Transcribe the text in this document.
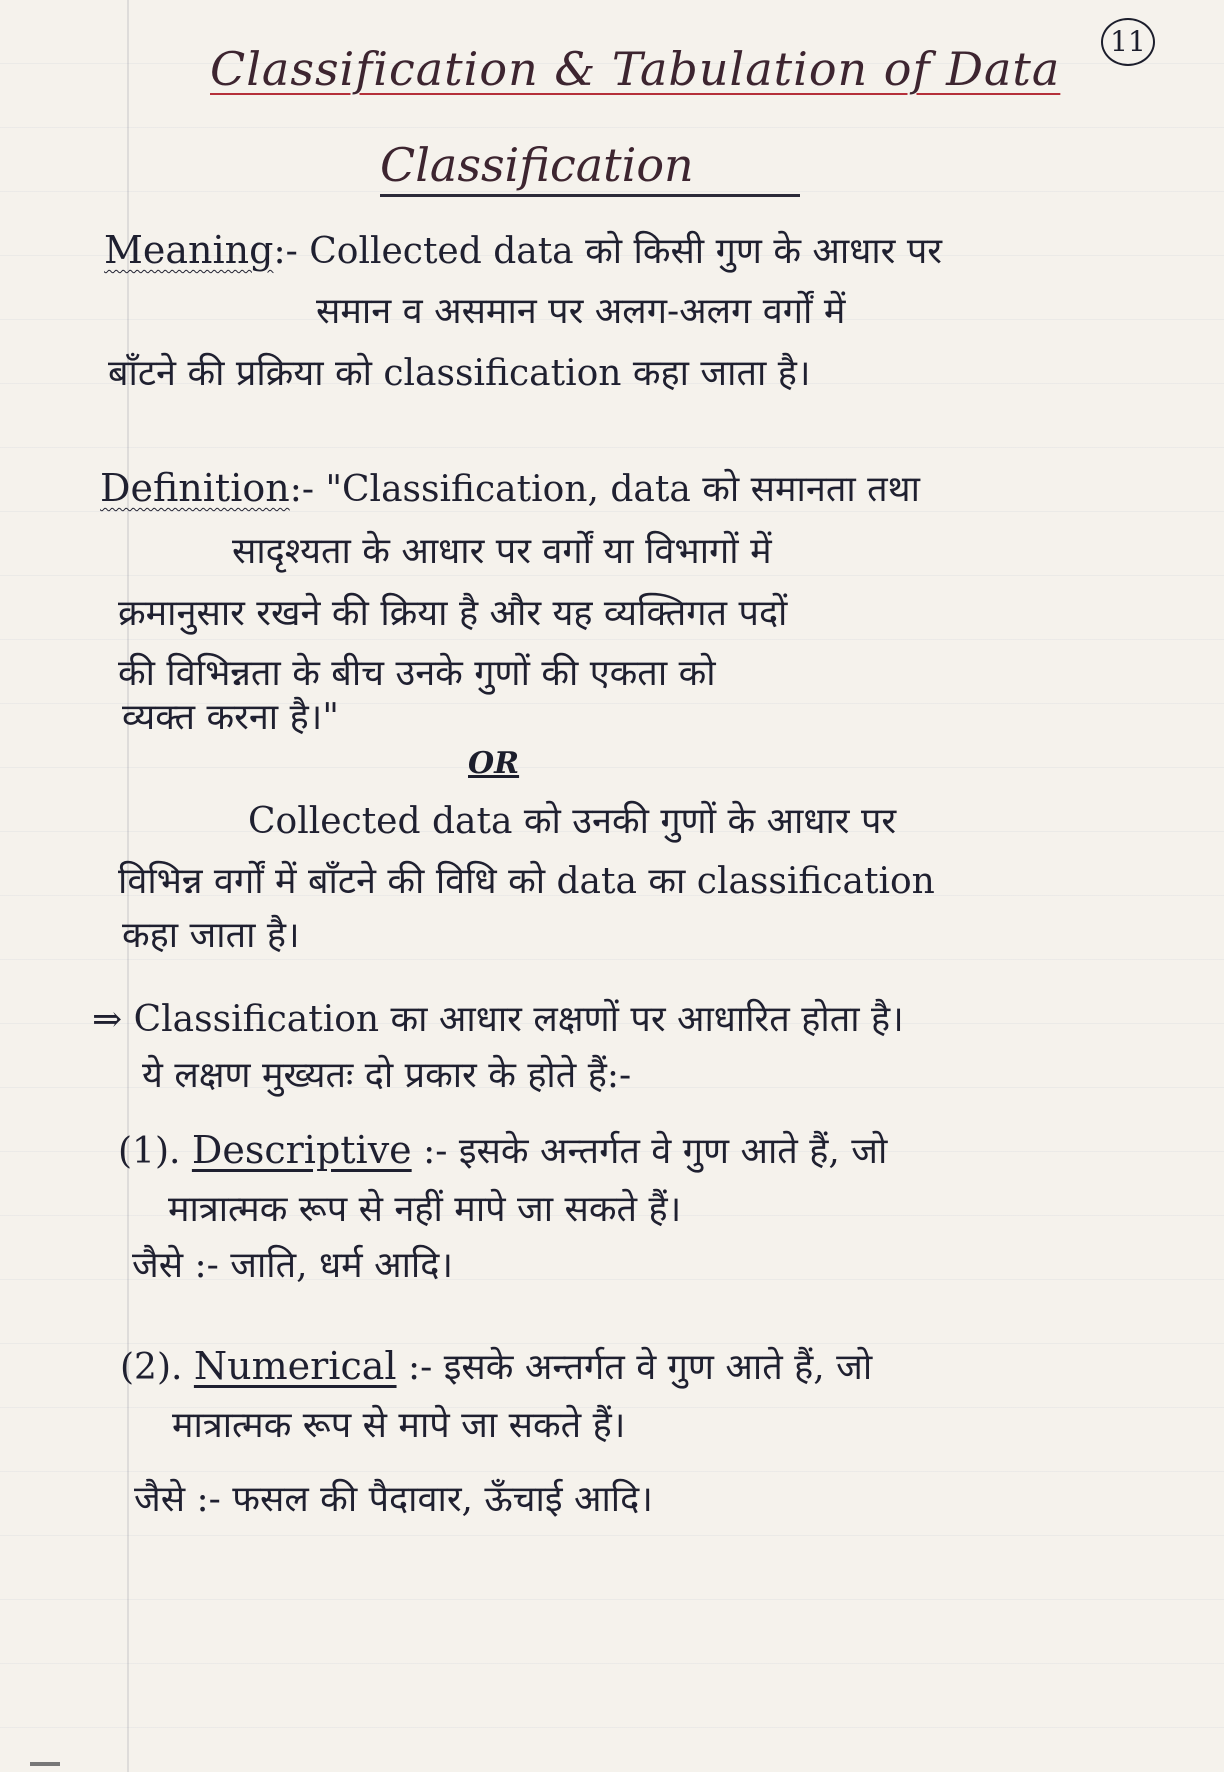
11
Classification & Tabulation of Data
Classification
Meaning:- Collected data को किसी गुण के आधार पर
समान व असमान पर अलग-अलग वर्गों में
बाँटने की प्रक्रिया को classification कहा जाता है।
Definition:- "Classification, data को समानता तथा
सादृश्यता के आधार पर वर्गों या विभागों में
क्रमानुसार रखने की क्रिया है और यह व्यक्तिगत पदों
की विभिन्नता के बीच उनके गुणों की एकता को
व्यक्त करना है।"
OR
Collected data को उनकी गुणों के आधार पर
विभिन्न वर्गों में बाँटने की विधि को data का classification
कहा जाता है।
⇒ Classification का आधार लक्षणों पर आधारित होता है।
ये लक्षण मुख्यतः दो प्रकार के होते हैं:-
(1). Descriptive :- इसके अन्तर्गत वे गुण आते हैं, जो
मात्रात्मक रूप से नहीं मापे जा सकते हैं।
जैसे :- जाति, धर्म आदि।
(2). Numerical :- इसके अन्तर्गत वे गुण आते हैं, जो
मात्रात्मक रूप से मापे जा सकते हैं।
जैसे :- फसल की पैदावार, ऊँचाई आदि।
